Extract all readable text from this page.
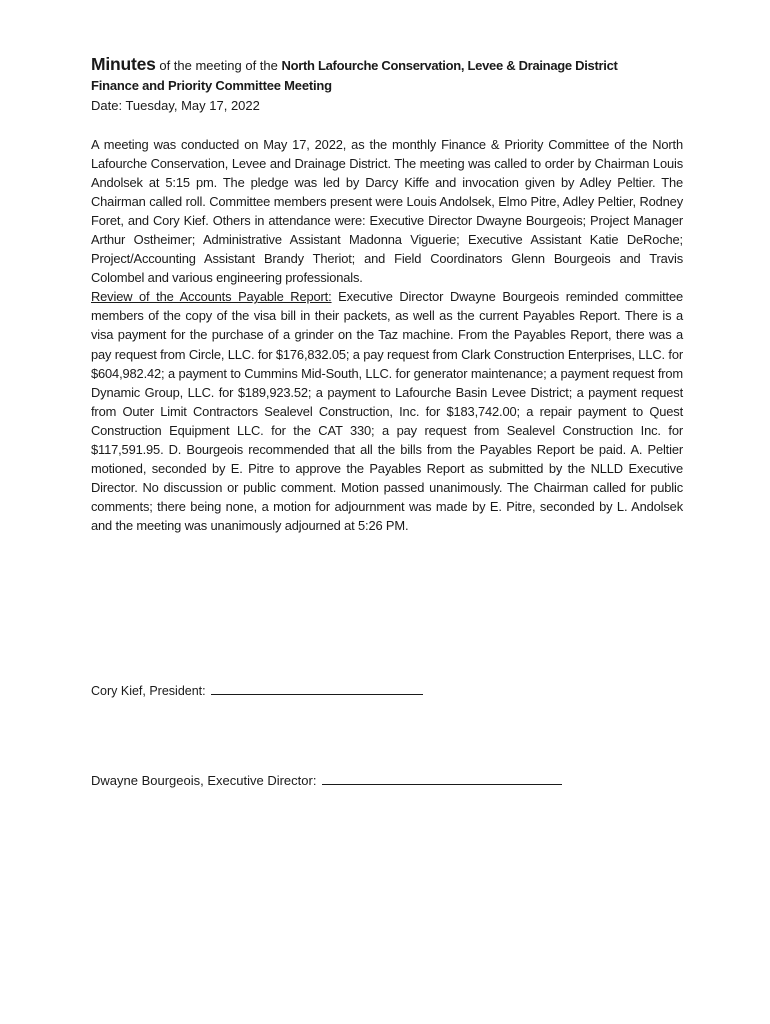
Minutes of the meeting of the North Lafourche Conservation, Levee & Drainage District
Finance and Priority Committee Meeting
Date: Tuesday, May 17, 2022

A meeting was conducted on May 17, 2022, as the monthly Finance & Priority Committee of the North Lafourche Conservation, Levee and Drainage District. The meeting was called to order by Chairman Louis Andolsek at 5:15 pm. The pledge was led by Darcy Kiffe and invocation given by Adley Peltier. The Chairman called roll. Committee members present were Louis Andolsek, Elmo Pitre, Adley Peltier, Rodney Foret, and Cory Kief. Others in attendance were: Executive Director Dwayne Bourgeois; Project Manager Arthur Ostheimer; Administrative Assistant Madonna Viguerie; Executive Assistant Katie DeRoche; Project/Accounting Assistant Brandy Theriot; and Field Coordinators Glenn Bourgeois and Travis Colombel and various engineering professionals.

Review of the Accounts Payable Report: Executive Director Dwayne Bourgeois reminded committee members of the copy of the visa bill in their packets, as well as the current Payables Report. There is a visa payment for the purchase of a grinder on the Taz machine. From the Payables Report, there was a pay request from Circle, LLC. for $176,832.05; a pay request from Clark Construction Enterprises, LLC. for $604,982.42; a payment to Cummins Mid-South, LLC. for generator maintenance; a payment request from Dynamic Group, LLC. for $189,923.52; a payment to Lafourche Basin Levee District; a payment request from Outer Limit Contractors Sealevel Construction, Inc. for $183,742.00; a repair payment to Quest Construction Equipment LLC. for the CAT 330; a pay request from Sealevel Construction Inc. for $117,591.95. D. Bourgeois recommended that all the bills from the Payables Report be paid. A. Peltier motioned, seconded by E. Pitre to approve the Payables Report as submitted by the NLLD Executive Director. No discussion or public comment. Motion passed unanimously. The Chairman called for public comments; there being none, a motion for adjournment was made by E. Pitre, seconded by L. Andolsek and the meeting was unanimously adjourned at 5:26 PM.

Cory Kief, President:
Dwayne Bourgeois, Executive Director:
